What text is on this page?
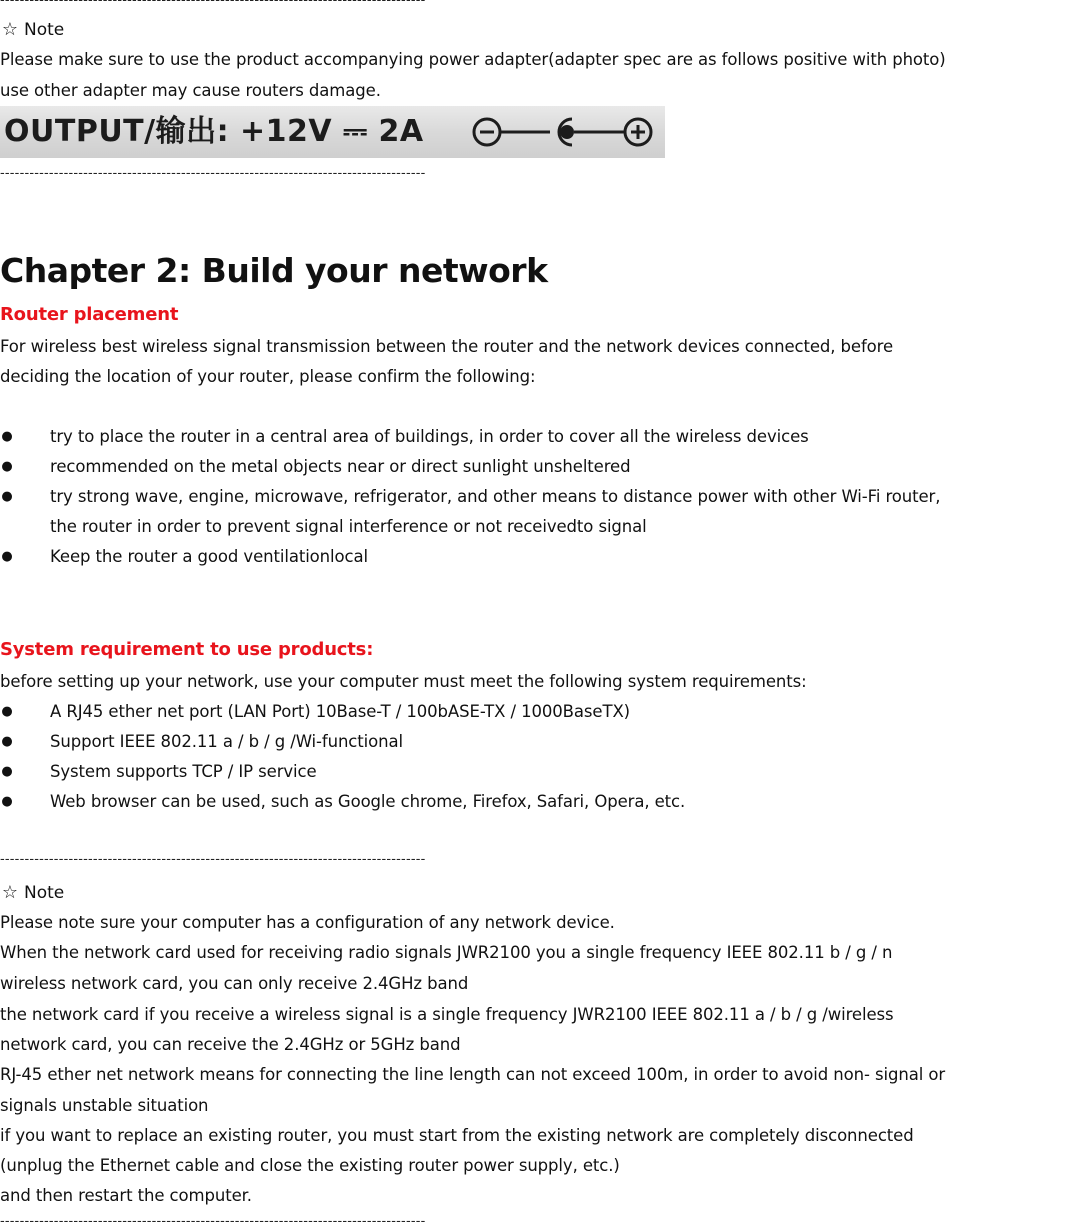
---------------------------------------------------------------------------------------
☆ Note
Please make sure to use the product accompanying power adapter(adapter spec are as follows positive with photo)
use other adapter may cause routers damage.
OUTPUT/输出: +12V ⎓ 2A
---------------------------------------------------------------------------------------
Chapter 2: Build your network
Router placement
For wireless best wireless signal transmission between the router and the network devices connected, before
deciding the location of your router, please confirm the following:
● try to place the router in a central area of buildings, in order to cover all the wireless devices
● recommended on the metal objects near or direct sunlight unsheltered
● try strong wave, engine, microwave, refrigerator, and other means to distance power with other Wi-Fi router,
the router in order to prevent signal interference or not receivedto signal
● Keep the router a good ventilationlocal
System requirement to use products:
before setting up your network, use your computer must meet the following system requirements:
● A RJ45 ether net port (LAN Port) 10Base-T / 100bASE-TX / 1000BaseTX)
● Support IEEE 802.11 a / b / g /Wi-functional
● System supports TCP / IP service
● Web browser can be used, such as Google chrome, Firefox, Safari, Opera, etc.
---------------------------------------------------------------------------------------
☆ Note
Please note sure your computer has a configuration of any network device.
When the network card used for receiving radio signals JWR2100 you a single frequency IEEE 802.11 b / g / n
wireless network card, you can only receive 2.4GHz band
the network card if you receive a wireless signal is a single frequency JWR2100 IEEE 802.11 a / b / g /wireless
network card, you can receive the 2.4GHz or 5GHz band
RJ-45 ether net network means for connecting the line length can not exceed 100m, in order to avoid non- signal or
signals unstable situation
if you want to replace an existing router, you must start from the existing network are completely disconnected
(unplug the Ethernet cable and close the existing router power supply, etc.)
and then restart the computer.
---------------------------------------------------------------------------------------
